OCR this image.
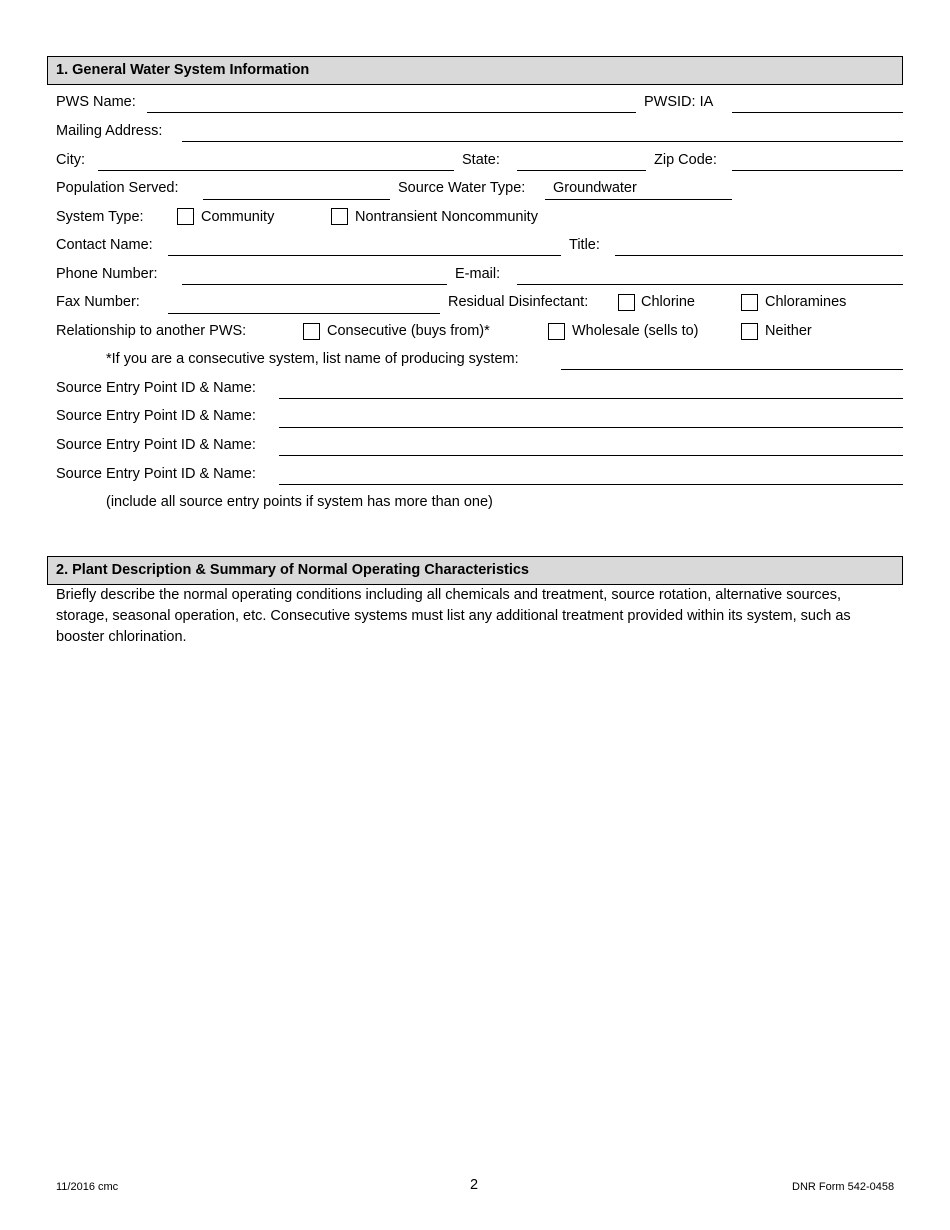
1. General Water System Information
PWS Name:	PWSID: IA
Mailing Address:
City:	State:	Zip Code:
Population Served:	Source Water Type: Groundwater
System Type:	Community	Nontransient Noncommunity
Contact Name:	Title:
Phone Number:	E-mail:
Fax Number:	Residual Disinfectant:	Chlorine	Chloramines
Relationship to another PWS:	Consecutive (buys from)*	Wholesale (sells to)	Neither
*If you are a consecutive system, list name of producing system:
Source Entry Point ID & Name:
Source Entry Point ID & Name:
Source Entry Point ID & Name:
Source Entry Point ID & Name:
(include all source entry points if system has more than one)
2. Plant Description & Summary of Normal Operating Characteristics
Briefly describe the normal operating conditions including all chemicals and treatment, source rotation, alternative sources, storage, seasonal operation, etc. Consecutive systems must list any additional treatment provided within its system, such as booster chlorination.
11/2016 cmc	2	DNR Form 542-0458
